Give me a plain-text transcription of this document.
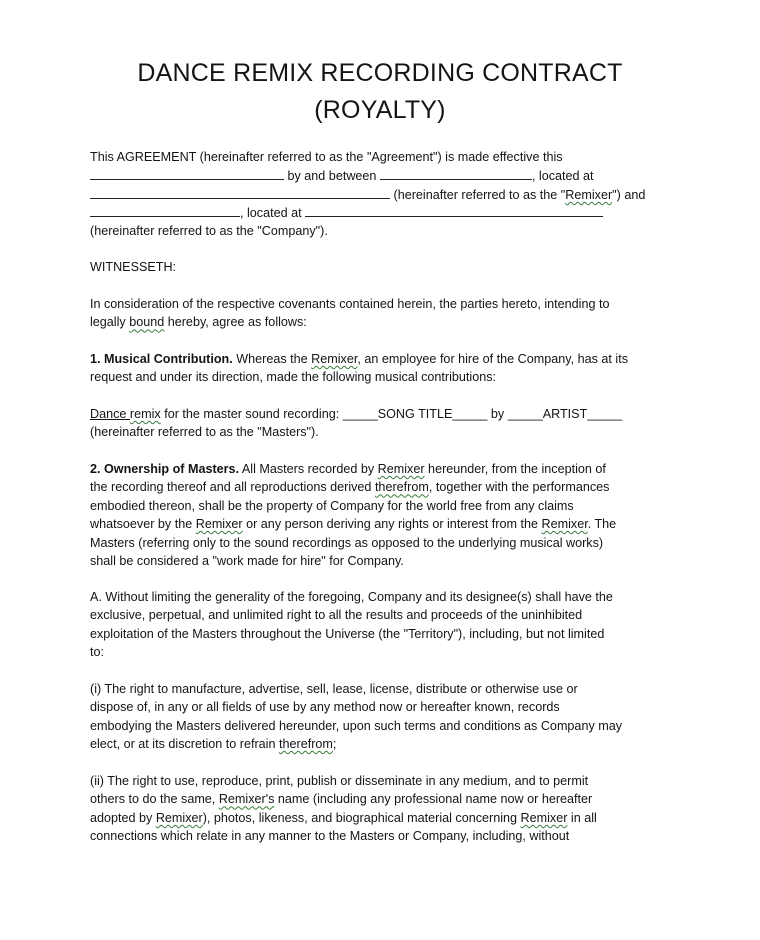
DANCE REMIX RECORDING CONTRACT
(ROYALTY)
This AGREEMENT (hereinafter referred to as the "Agreement") is made effective this
by and between	, located at
(hereinafter referred to as the "Remixer") and
, located at
(hereinafter referred to as the "Company").
WITNESSETH:
In consideration of the respective covenants contained herein, the parties hereto, intending to
legally bound hereby, agree as follows:
1. Musical Contribution. Whereas the Remixer, an employee for hire of the Company, has at its
request and under its direction, made the following musical contributions:
Dance remix for the master sound recording: _____SONG TITLE_____ by _____ARTIST_____
(hereinafter referred to as the "Masters").
2. Ownership of Masters. All Masters recorded by Remixer hereunder, from the inception of
the recording thereof and all reproductions derived therefrom, together with the performances
embodied thereon, shall be the property of Company for the world free from any claims
whatsoever by the Remixer or any person deriving any rights or interest from the Remixer. The
Masters (referring only to the sound recordings as opposed to the underlying musical works)
shall be considered a "work made for hire" for Company.
A. Without limiting the generality of the foregoing, Company and its designee(s) shall have the
exclusive, perpetual, and unlimited right to all the results and proceeds of the uninhibited
exploitation of the Masters throughout the Universe (the "Territory"), including, but not limited
to:
(i) The right to manufacture, advertise, sell, lease, license, distribute or otherwise use or
dispose of, in any or all fields of use by any method now or hereafter known, records
embodying the Masters delivered hereunder, upon such terms and conditions as Company may
elect, or at its discretion to refrain therefrom;
(ii) The right to use, reproduce, print, publish or disseminate in any medium, and to permit
others to do the same, Remixer's name (including any professional name now or hereafter
adopted by Remixer), photos, likeness, and biographical material concerning Remixer in all
connections which relate in any manner to the Masters or Company, including, without
